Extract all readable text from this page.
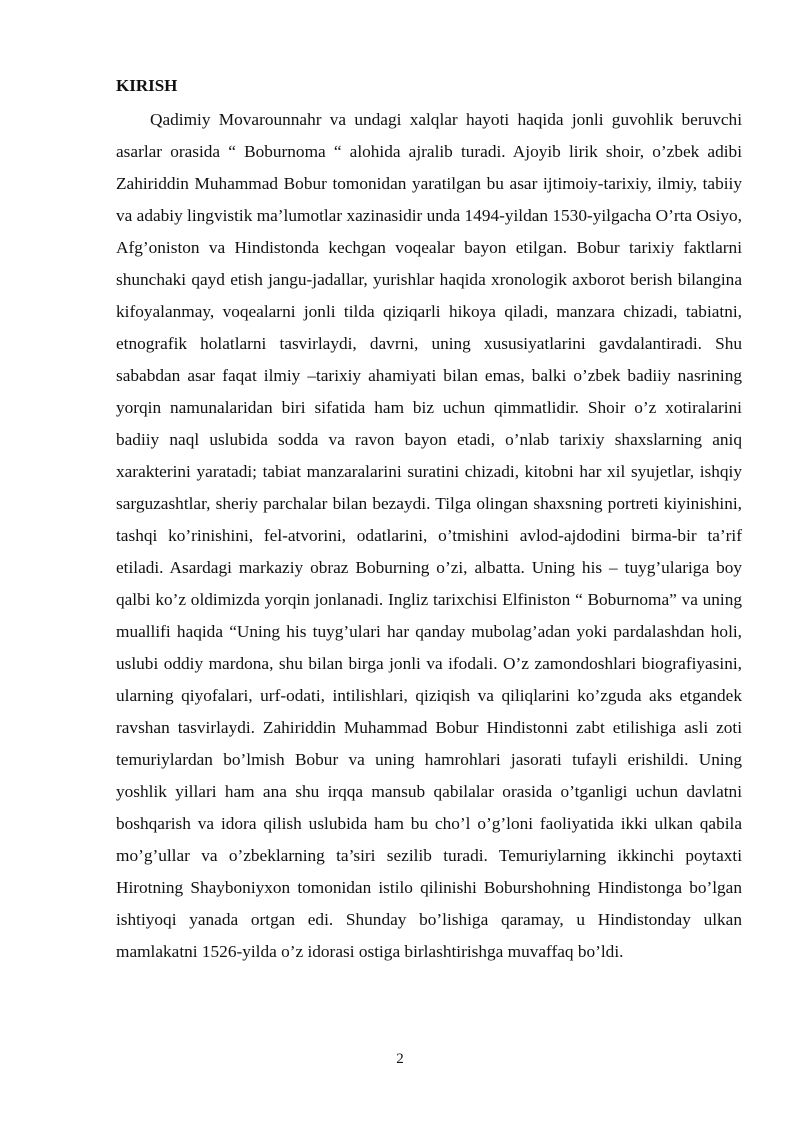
KIRISH

Qadimiy Movarounnahr va undagi xalqlar hayoti haqida jonli guvohlik beruvchi asarlar orasida “ Boburnoma “ alohida ajralib turadi. Ajoyib lirik shoir, o’zbek adibi Zahiriddin Muhammad Bobur tomonidan yaratilgan bu asar ijtimoiy-tarixiy, ilmiy, tabiiy va adabiy lingvistik ma’lumotlar xazinasidir unda 1494-yildan 1530-yilgacha O’rta Osiyo, Afg’oniston va Hindistonda kechgan voqealar bayon etilgan. Bobur tarixiy faktlarni shunchaki qayd etish jangu-jadallar, yurishlar haqida xronologik axborot berish bilangina kifoyalanmay, voqealarni jonli tilda qiziqarli hikoya qiladi, manzara chizadi, tabiatni, etnografik holatlarni tasvirlaydi, davrni, uning xususiyatlarini gavdalantiradi. Shu sababdan asar faqat ilmiy –tarixiy ahamiyati bilan emas, balki o’zbek badiiy nasrining yorqin namunalaridan biri sifatida ham biz uchun qimmatlidir. Shoir o’z xotiralarini badiiy naql uslubida sodda va ravon bayon etadi, o’nlab tarixiy shaxslarning aniq xarakterini yaratadi; tabiat manzaralarini suratini chizadi, kitobni har xil syujetlar, ishqiy sarguzashtlar, sheriy parchalar bilan bezaydi. Tilga olingan shaxsning portreti kiyinishini, tashqi ko’rinishini, fel-atvorini, odatlarini, o’tmishini avlod-ajdodini birma-bir ta’rif etiladi. Asardagi markaziy obraz Boburning o’zi, albatta. Uning his – tuyg’ulariga boy qalbi ko’z oldimizda yorqin jonlanadi. Ingliz tarixchisi Elfiniston “ Boburnoma” va uning muallifi haqida “Uning his tuyg’ulari har qanday mubolag’adan yoki pardalashdan holi, uslubi oddiy mardona, shu bilan birga jonli va ifodali. O’z zamondoshlari biografiyasini, ularning qiyofalari, urf-odati, intilishlari, qiziqish va qiliqlarini ko’zguda aks etgandek ravshan tasvirlaydi. Zahiriddin Muhammad Bobur Hindistonni zabt etilishiga asli zoti temuriylardan bo’lmish Bobur va uning hamrohlari jasorati tufayli erishildi. Uning yoshlik yillari ham ana shu irqqa mansub qabilalar orasida o’tganligi uchun davlatni boshqarish va idora qilish uslubida ham bu cho’l o’g’loni faoliyatida ikki ulkan qabila mo’g’ullar va o’zbeklarning ta’siri sezilib turadi. Temuriylarning ikkinchi poytaxti Hirotning Shayboniyxon tomonidan istilo qilinishi Boburshohning Hindistonga bo’lgan ishtiyoqi yanada ortgan edi. Shunday bo’lishiga qaramay, u Hindistonday ulkan mamlakatni 1526-yilda o’z idorasi ostiga birlashtirishga muvaffaq bo’ldi.

2
